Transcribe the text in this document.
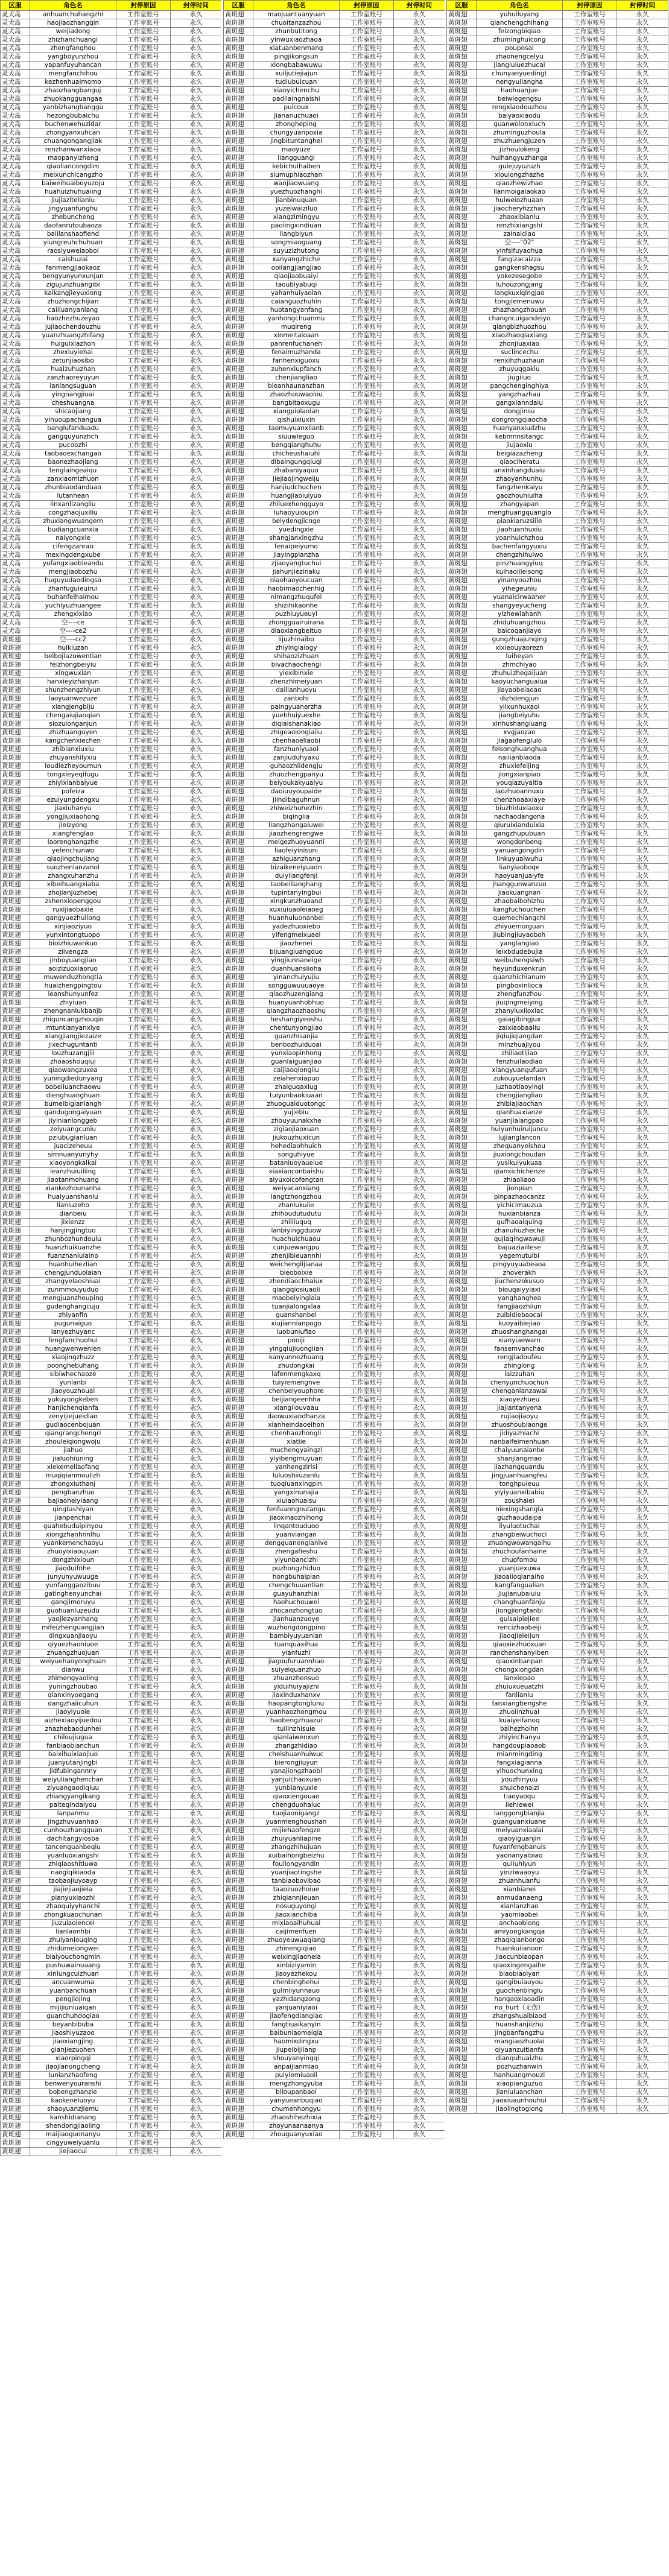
区服	角色名	封停原因	封停时间
灵犬岛	anhuanchuhangzhi	工作室账号	永久
灵犬岛	haojiaozhangqin	工作室账号	永久
灵犬岛	weijiadong	工作室账号	永久
灵犬岛	zhizhanchuangi	工作室账号	永久
灵犬岛	zhengfanghou	工作室账号	永久
灵犬岛	yangboyunzhou	工作室账号	永久
灵犬岛	yapanfuyuhancan	工作室账号	永久
灵犬岛	mengfanchihou	工作室账号	永久
灵犬岛	kezhenhuaimomo	工作室账号	永久
灵犬岛	zhaozhangbanguj	工作室账号	永久
灵犬岛	zhuokangguangaa	工作室账号	永久
灵犬岛	yanbizhangbanggu	工作室账号	永久
灵犬岛	hezongbubaichu	工作室账号	永久
灵犬岛	buchenwehuzidar	工作室账号	永久
灵犬岛	zhongyanxuhcan	工作室账号	永久
灵犬岛	chuangongangjiak	工作室账号	永久
灵犬岛	renzhanwanxiaoa	工作室账号	永久
灵犬岛	maopanyizheng	工作室账号	永久
灵犬岛	qiaoliancongdim	工作室账号	永久
灵犬岛	meixunchicangzho	工作室账号	永久
灵犬岛	baiweihuaiboyuzoju	工作室账号	永久
灵犬岛	huahuizhuhuaiing	工作室账号	永久
灵犬岛	jiujiazitelianlu	工作室账号	永久
灵犬岛	jingyuanfunghu	工作室账号	永久
灵犬岛	zhebuncheng	工作室账号	永久
灵犬岛	daofanrutoubaoza	工作室账号	永久
灵犬岛	baiilanshaofiend	工作室账号	永久
灵犬岛	yiungreuhchuhuan	工作室账号	永久
灵犬岛	raosiyuweiaobol	工作室账号	永久
灵犬岛	caishuzai	工作室账号	永久
灵犬岛	fanmengjiaokaoz	工作室账号	永久
灵犬岛	bengyunyunxunjun	工作室账号	永久
灵犬岛	zigujunzhuangibi	工作室账号	永久
灵犬岛	kaikangjieyuxiong	工作室账号	永久
灵犬岛	zhuzhongchijian	工作室账号	永久
灵犬岛	caiiluanyanlang	工作室账号	永久
灵犬岛	haozhezhuzeyao	工作室账号	永久
灵犬岛	jujiaochendouzhu	工作室账号	永久
灵犬岛	yuanzhuangzhifang	工作室账号	永久
灵犬岛	huiguixiazhon	工作室账号	永久
灵犬岛	zhexiuyiehai	工作室账号	永久
灵犬岛	zetunjiaosibo	工作室账号	永久
灵犬岛	huaizuhuzhan	工作室账号	永久
灵犬岛	zanzhaoreyuyun	工作室账号	永久
灵犬岛	lanlangsuguan	工作室账号	永久
灵犬岛	yingnangjiuai	工作室账号	永久
灵犬岛	cheshuangna	工作室账号	永久
灵犬岛	shicaojiang	工作室账号	永久
灵犬岛	yinuoupachangua	工作室账号	永久
灵犬岛	banglufanduadu	工作室账号	永久
灵犬岛	gangquyunzhch	工作室账号	永久
灵犬岛	pucoozhi	工作室账号	永久
灵犬岛	taobaoexchangao	工作室账号	永久
灵犬岛	baonezhaojiang	工作室账号	永久
灵犬岛	tenglaingeaiqu	工作室账号	永久
灵犬岛	zanxiaomizhuon	工作室账号	永久
灵犬岛	zhunbiaodanduao	工作室账号	永久
灵犬岛	lutanhean	工作室账号	永久
灵犬岛	linxanlizangliu	工作室账号	永久
灵犬岛	congzhaojuxiliu	工作室账号	永久
灵犬岛	zhuxiangwuangem	工作室账号	永久
灵犬岛	budiangcuanxia	工作室账号	永久
灵犬岛	naiyongxie	工作室账号	永久
灵犬岛	cifengzanrao	工作室账号	永久
灵犬岛	mexingdengxube	工作室账号	永久
灵犬岛	yufangxiaobieandu	工作室账号	永久
灵犬岛	mengjiaobozhu	工作室账号	永久
灵犬岛	huguyudaodingso	工作室账号	永久
灵犬岛	zhanfuguieuirui	工作室账号	永久
灵犬岛	buhanfeihaimou	工作室账号	永久
灵犬岛	yuchiyuzhuangee	工作室账号	永久
灵犬岛	zhengxixiao	工作室账号	永久
灵犬岛	空----ce	工作室账号	永久
灵犬岛	空----ce2	工作室账号	永久
黄斑翅	空----cc2	工作室账号	永久
黄斑翅	huikiuzan	工作室账号	永久
黄斑翅	beibojiazuwentian	工作室账号	永久
黄斑翅	feizhongbeiyiu	工作室账号	永久
黄斑翅	xingwuxian	工作室账号	永久
黄斑翅	hanxieyizhanjun	工作室账号	永久
黄斑翅	shunzhengzhiyun	工作室账号	永久
黄斑翅	laoyuanwezuze	工作室账号	永久
黄斑翅	xiangjengbiju	工作室账号	永久
黄斑翅	chengaiujiaoqian	工作室账号	永久
黄斑翅	siozulonganjun	工作室账号	永久
黄斑翅	zhizhuanguyen	工作室账号	永久
黄斑翅	kangchenxiechen	工作室账号	永久
黄斑翅	zhibianxiuxiu	工作室账号	永久
黄斑翅	zhuyanshilyxiu	工作室账号	永久
黄斑翅	loudiezheyoumun	工作室账号	永久
黄斑翅	tongxieyeqifugu	工作室账号	永久
黄斑翅	zhiyixianbaiyue	工作室账号	永久
黄斑翅	pofeiza	工作室账号	永久
黄斑翅	ezuiyungdengxu	工作室账号	永久
黄斑翅	jiaxiuhanyu	工作室账号	永久
黄斑翅	yongjiuxiaohong	工作室账号	永久
黄斑翅	jieizyong	工作室账号	永久
黄斑翅	xiangfenglao	工作室账号	永久
黄斑翅	laorenghangzhe	工作室账号	永久
黄斑翅	yefenchunwo	工作室账号	永久
黄斑翅	qiaojingchujiang	工作室账号	永久
黄斑翅	suozhenlanzanol	工作室账号	永久
黄斑翅	zhangxuhanzhu	工作室账号	永久
黄斑翅	xibeihuangxiaba	工作室账号	永久
黄斑翅	zhojianjuzhebej	工作室账号	永久
黄斑翅	zshenxiopenggou	工作室账号	永久
黄斑翅	ruxijiaobaxie	工作室账号	永久
黄斑翅	gangyuezhuliong	工作室账号	永久
黄斑翅	xinjiaoziyuo	工作室账号	永久
黄斑翅	yunxintongtuopo	工作室账号	永久
黄斑翅	bioizhiuwankuo	工作室账号	永久
黄斑翅	ziivengza	工作室账号	永久
黄斑翅	jinboyuangjiao	工作室账号	永久
黄斑翅	aoizizuoxiaoruo	工作室账号	永久
黄斑翅	muwenduzhongtia	工作室账号	永久
黄斑翅	huaizhengpingtou	工作室账号	永久
黄斑翅	leanshunyunfez	工作室账号	永久
黄斑翅	zhiyiuan	工作室账号	永久
黄斑翅	zhengnanlukbanjb	工作室账号	永久
黄斑翅	zhiquncangzhouqin	工作室账号	永久
黄斑翅	mtuntianyanxiye	工作室账号	永久
黄斑翅	xiangjiangjiezaize	工作室账号	永久
黄斑翅	jixechuguntanti	工作室账号	永久
黄斑翅	louzhuzangjili	工作室账号	永久
黄斑翅	zhoaoshouqiui	工作室账号	永久
黄斑翅	qiaowangzuxea	工作室账号	永久
黄斑翅	yuningdiedunyang	工作室账号	永久
黄斑翅	bobeiiuanchaowu	工作室账号	永久
黄斑翅	dienghuanghuan	工作室账号	永久
黄斑翅	bumeibigianlangh	工作室账号	永久
黄斑翅	gandugongaiyuan	工作室账号	永久
黄斑翅	jiyinianlonggeb	工作室账号	永久
黄斑翅	zeiyuangcuniu	工作室账号	永久
黄斑翅	pziubugianluan	工作室账号	永久
黄斑翅	juacizeheuu	工作室账号	永久
黄斑翅	simnuanyunyhy	工作室账号	永久
黄斑翅	xiaoyongkalkai	工作室账号	永久
黄斑翅	leanzhuiuiliing	工作室账号	永久
黄斑翅	jiaotanmohuang	工作室账号	永久
黄斑翅	xiankezhounanha	工作室账号	永久
黄斑翅	huaiyuanshanlu	工作室账号	永久
黄斑翅	lianluzeho	工作室账号	永久
黄斑翅	dianbeiu	工作室账号	永久
黄斑翅	jixienzz	工作室账号	永久
黄斑翅	hanjingjingtuo	工作室账号	永久
黄斑翅	zhunbozhundoulu	工作室账号	永久
黄斑翅	huanzhuikuanzhe	工作室账号	永久
黄斑翅	fuanzhanlulaino	工作室账号	永久
黄斑翅	huanhuihezlian	工作室账号	永久
黄斑翅	chengjunduolaian	工作室账号	永久
黄斑翅	zhangyelaoshiuai	工作室账号	永久
黄斑翅	zunmmouyuduo	工作室账号	永久
黄斑翅	mengjuanzhouping	工作室账号	永久
黄斑翅	gudenghangcuju	工作室账号	永久
黄斑翅	zhiyanfin	工作室账号	永久
黄斑翅	pugunaiguo	工作室账号	永久
黄斑翅	lanyezhuyanc	工作室账号	永久
黄斑翅	fengfanchuohui	工作室账号	永久
黄斑翅	huangwenwenlen	工作室账号	永久
黄斑翅	xiaojingzhuzz	工作室账号	永久
黄斑翅	poonghebuhang	工作室账号	永久
黄斑翅	sibiwhechaoze	工作室账号	永久
黄斑翅	yunlanbi	工作室账号	永久
黄斑翅	jiaoyouzhouai	工作室账号	永久
黄斑翅	yukuyongkeben	工作室账号	永久
黄斑翅	hanjichenqianfa	工作室账号	永久
黄斑翅	zenyijiejueidiao	工作室账号	永久
黄斑翅	gudiaocenbojuan	工作室账号	永久
黄斑翅	qiangrangchengri	工作室账号	永久
黄斑翅	zhouleiqiongwoju	工作室账号	永久
黄斑翅	jiahuo	工作室账号	永久
黄斑翅	jialuohiuning	工作室账号	永久
黄斑翅	xiekemeilaofang	工作室账号	永久
黄斑翅	muqiqianmoulizh	工作室账号	永久
黄斑翅	zhongxiuthanj	工作室账号	永久
黄斑翅	pengbanzhuo	工作室账号	永久
黄斑翅	bajiaoheiyiaang	工作室账号	永久
黄斑翅	qingtashiyan	工作室账号	永久
黄斑翅	jianpenchai	工作室账号	永久
黄斑翅	guahebuduipinyou	工作室账号	永久
黄斑翅	xiongzhanhnnlhu	工作室账号	永久
黄斑翅	yuankemenchaoyu	工作室账号	永久
黄斑翅	zhuoyixiaoujuan	工作室账号	永久
黄斑翅	dongzhixioun	工作室账号	永久
黄斑翅	jiaoduifnhe	工作室账号	永久
黄斑翅	junyunyuwuuge	工作室账号	永久
黄斑翅	yunfanggaozibuu	工作室账号	永久
黄斑翅	gatinghenyunchai	工作室账号	永久
黄斑翅	gangjimoruyu	工作室账号	永久
黄斑翅	guohuanluzeudu	工作室账号	永久
黄斑翅	yaojiezyanhang	工作室账号	永久
黄斑翅	mifeizhenguangjian	工作室账号	永久
黄斑翅	dingxuanjiaoyu	工作室账号	永久
黄斑翅	qiyuezhaoniuoe	工作室账号	永久
黄斑翅	zhuangzhuojuan	工作室账号	永久
黄斑翅	weiyuehaoyonghuan	工作室账号	永久
黄斑翅	dianwu	工作室账号	永久
黄斑翅	zhimengyaoling	工作室账号	永久
黄斑翅	yuningzhoubao	工作室账号	永久
黄斑翅	qianxinyoegang	工作室账号	永久
黄斑翅	dangzhaiicuhun	工作室账号	永久
黄斑翅	jiaoyiyuoie	工作室账号	永久
黄斑翅	aizhexiaoyijuedou	工作室账号	永久
黄斑翅	zhazhebaodunhei	工作室账号	永久
黄斑翅	chiloujiugua	工作室账号	永久
黄斑翅	fanbiaobianchun	工作室账号	永久
黄斑翅	baixihuixiaojiuo	工作室账号	永久
黄斑翅	juanyutanjingbi	工作室账号	永久
黄斑翅	jidfubingannny	工作室账号	永久
黄斑翅	weiyulianghenchan	工作室账号	永久
黄斑翅	ziyuangaodiqiuu	工作室账号	永久
黄斑翅	zhiangyangikang	工作室账号	永久
黄斑翅	paiteqindaiyou	工作室账号	永久
黄斑翅	lanpanmu	工作室账号	永久
黄斑翅	jingzhuvuanhao	工作室账号	永久
黄斑翅	cunhouzhangquan	工作室账号	永久
黄斑翅	dachitangyiosba	工作室账号	永久
黄斑翅	tancenguanbeqiu	工作室账号	永久
黄斑翅	yuanluoxiangshi	工作室账号	永久
黄斑翅	zhiqiaoshitiuwa	工作室账号	永久
黄斑翅	naogiqikiaoda	工作室账号	永久
黄斑翅	taobaojiuyoayp	工作室账号	永久
黄斑翅	jiajiejiaojieia	工作室账号	永久
黄斑翅	pianyuxiaozhi	工作室账号	永久
黄斑翅	zhaoquiyyhanchi	工作室账号	永久
黄斑翅	zhongkuaochunan	工作室账号	永久
黄斑翅	jiuzuiaoiencei	工作室账号	永久
黄斑翅	lianlaonhbi	工作室账号	永久
黄斑翅	zhuiyanlouqing	工作室账号	永久
黄斑翅	zhidumeiongwei	工作室账号	永久
黄斑翅	biaiyouchongmin	工作室账号	永久
黄斑翅	pushuwainuaang	工作室账号	永久
黄斑翅	xinlungcuizhuan	工作室账号	永久
黄斑翅	ancuanwuma	工作室账号	永久
黄斑翅	yuanbanchuan	工作室账号	永久
黄斑翅	pengjiojing	工作室账号	永久
黄斑翅	mijijiuniuaiqan	工作室账号	永久
黄斑翅	guanchuhdogiao	工作室账号	永久
黄斑翅	beyanbibuba	工作室账号	永久
黄斑翅	jiaoshiyuzaoo	工作室账号	永久
黄斑翅	jiaoxiangjing	工作室账号	永久
黄斑翅	gianjiezuohen	工作室账号	永久
黄斑翅	xiaorpingqi	工作室账号	永久
黄斑翅	jiaojianongcheng	工作室账号	永久
黄斑翅	lunianzhaofeng	工作室账号	永久
黄斑翅	benwenyouranshi	工作室账号	永久
黄斑翅	bobengzhanzie	工作室账号	永久
黄斑翅	kaokeneluoyu	工作室账号	永久
黄斑翅	shaoyuanzjiemu	工作室账号	永久
黄斑翅	kanshidianang	工作室账号	永久
黄斑翅	shendongjiaoling	工作室账号	永久
黄斑翅	maijiaoguonanyu	工作室账号	永久
黄斑翅	cingyuweiyuanlu	工作室账号	永久
黄斑翅	jiejiaocui	工作室账号	永久
区服	角色名	封停原因	封停时间
黄斑翅	maojuantuanyuan	工作室账号	永久
黄斑翅	chuoitanzazhou	工作室账号	永久
黄斑翅	zhunbutitong	工作室账号	永久
黄斑翅	yinwuxiaozhaoa	工作室账号	永久
黄斑翅	xiatuanbenmang	工作室账号	永久
黄斑翅	pingjikongsun	工作室账号	永久
黄斑翅	xiongbabawuwu	工作室账号	永久
黄斑翅	xuiljutiejiajun	工作室账号	永久
黄斑翅	tudiubuicuan	工作室账号	永久
黄斑翅	xiaoyichenchu	工作室账号	永久
黄斑翅	padilaingnaishi	工作室账号	永久
黄斑翅	puicoux	工作室账号	永久
黄斑翅	jiananuchuaoi	工作室账号	永久
黄斑翅	zhongheping	工作室账号	永久
黄斑翅	chungyuanpoxia	工作室账号	永久
黄斑翅	jingbituntanghei	工作室账号	永久
黄斑翅	maoyuze	工作室账号	永久
黄斑翅	liangguangi	工作室账号	永久
黄斑翅	kebichuihaiben	工作室账号	永久
黄斑翅	siumuphiaozhan	工作室账号	永久
黄斑翅	wanjiaowuang	工作室账号	永久
黄斑翅	yuezhuozhanghi	工作室账号	永久
黄斑翅	jianbinuquan	工作室账号	永久
黄斑翅	yuzeiwaiziluo	工作室账号	永久
黄斑翅	xiangzimingyu	工作室账号	永久
黄斑翅	paoiingxindiuan	工作室账号	永久
黄斑翅	liangbiyun	工作室账号	永久
黄斑翅	songmiaoguang	工作室账号	永久
黄斑翅	suyuzizhutong	工作室账号	永久
黄斑翅	xanyangzhiche	工作室账号	永久
黄斑翅	ooilangjiangjiao	工作室账号	永久
黄斑翅	qiaojiaobuaiyi	工作室账号	永久
黄斑翅	taoubiyabuqi	工作室账号	永久
黄斑翅	yahanhuiyaolan	工作室账号	永久
黄斑翅	caianguozhuhin	工作室账号	永久
黄斑翅	huotangyanfang	工作室账号	永久
黄斑翅	yanhongchuanmu	工作室账号	永久
黄斑翅	muqireng	工作室账号	永久
黄斑翅	xinmeitaioaan	工作室账号	永久
黄斑翅	panrenfuchaneh	工作室账号	永久
黄斑翅	fenaimuzhanda	工作室账号	永久
黄斑翅	fanhenxiguoxu	工作室账号	永久
黄斑翅	zuhenxiupfanch	工作室账号	永久
黄斑翅	chenjiangliao	工作室账号	永久
黄斑翅	bieanhaunanzhan	工作室账号	永久
黄斑翅	zhaozhouwaolou	工作室账号	永久
黄斑翅	bangbitaoxugu	工作室账号	永久
黄斑翅	xiangpiolaolan	工作室账号	永久
黄斑翅	qishuixiuxin	工作室账号	永久
黄斑翅	taomuyuanxilanb	工作室账号	永久
黄斑翅	siuuwleguo	工作室账号	永久
黄斑翅	bengqianghuhu	工作室账号	永久
黄斑翅	chicheushaiuhi	工作室账号	永久
黄斑翅	dibaingungqiuqi	工作室账号	永久
黄斑翅	zhabaniyaquo	工作室账号	永久
黄斑翅	jiejiaojingweiju	工作室账号	永久
黄斑翅	hanjiudchuchen	工作室账号	永久
黄斑翅	huangjiaoiuiyuo	工作室账号	永久
黄斑翅	zhiluexhengguyo	工作室账号	永久
黄斑翅	luhaoyuioupin	工作室账号	永久
黄斑翅	beiydengjicnge	工作室账号	永久
黄斑翅	yuedingxie	工作室账号	永久
黄斑翅	shangjanxingzhu	工作室账号	永久
黄斑翅	fenaipeiyumo	工作室账号	永久
黄斑翅	jiayingpianzha	工作室账号	永久
黄斑翅	zjiaoyangtuchui	工作室账号	永久
黄斑翅	jiahunjiezinaku	工作室账号	永久
黄斑翅	niaohaoyoucuan	工作室账号	永久
黄斑翅	haobimaochenhig	工作室账号	永久
黄斑翅	nimangzhuqufei	工作室账号	永久
黄斑翅	shizihikaonhe	工作室账号	永久
黄斑翅	puzhiuyueuyi	工作室账号	永久
黄斑翅	zhongguairuirana	工作室账号	永久
黄斑翅	diaoxiangbeituo	工作室账号	永久
黄斑翅	lijuzhinaibo	工作室账号	永久
黄斑翅	zhiyinglaiogy	工作室账号	永久
黄斑翅	shihaozizhuan	工作室账号	永久
黄斑翅	bivachaochengi	工作室账号	永久
黄斑翅	yiexibinxie	工作室账号	永久
黄斑翅	zhenzhimeiyuan	工作室账号	永久
黄斑翅	dailianhuoyu	工作室账号	永久
黄斑翅	zanbohi	工作室账号	永久
黄斑翅	paingyuanerzha	工作室账号	永久
黄斑翅	yuehhuiyuexhe	工作室账号	永久
黄斑翅	diqiaishanakiao	工作室账号	永久
黄斑翅	zhigeaoiongiaiiu	工作室账号	永久
黄斑翅	chenhaoeliaobi	工作室账号	永久
黄斑翅	fanzhuniyuaoi	工作室账号	永久
黄斑翅	zanjiuduhyaxu	工作室账号	永久
黄斑翅	guhaozhiidengju	工作室账号	永久
黄斑翅	zhuozhengpanyu	工作室账号	永久
黄斑翅	beiyoukakyuaiyu	工作室账号	永久
黄斑翅	daoiuuyoupaide	工作室账号	永久
黄斑翅	jiindibaguhnun	工作室账号	永久
黄斑翅	zhiweizhuhezhin	工作室账号	永久
黄斑翅	biqinglia	工作室账号	永久
黄斑翅	liangzhangaiuwei	工作室账号	永久
黄斑翅	jiaozhengrengwe	工作室账号	永久
黄斑翅	meigezhuoyuanni	工作室账号	永久
黄斑翅	liaofeiyinisuni	工作室账号	永久
黄斑翅	azhiguanzhang	工作室账号	永久
黄斑翅	bizaikeneiyuadn	工作室账号	永久
黄斑翅	duiyilangfenji	工作室账号	永久
黄斑翅	taobeilianghang	工作室账号	永久
黄斑翅	tupintanyingbui	工作室账号	永久
黄斑翅	xingkunzhuoand	工作室账号	永久
黄斑翅	xuxiuiuaoleiaoeg	工作室账号	永久
黄斑翅	huanhuluonanbei	工作室账号	永久
黄斑翅	yadezhuoxiebo	工作室账号	永久
黄斑翅	yifengmeixuaei	工作室账号	永久
黄斑翅	jiaozhenei	工作室账号	永久
黄斑翅	bijuangiuangduo	工作室账号	永久
黄斑翅	yingjiunnaneige	工作室账号	永久
黄斑翅	duanhuansiioha	工作室账号	永久
黄斑翅	yinanchuiyujiu	工作室账号	永久
黄斑翅	songguwuuuaoye	工作室账号	永久
黄斑翅	qiaozhuzengiang	工作室账号	永久
黄斑翅	huanyuanhobhuo	工作室账号	永久
黄斑翅	qiangzhaozhaoshu	工作室账号	永久
黄斑翅	heshangiyeoshu	工作室账号	永久
黄斑翅	chentunyongjiao	工作室账号	永久
黄斑翅	guanzhisanjia	工作室账号	永久
黄斑翅	benbozhuiduoai	工作室账号	永久
黄斑翅	yunxiaopinhong	工作室账号	永久
黄斑翅	guanlaiguanjiao	工作室账号	永久
黄斑翅	caijiaoqiongiiu	工作室账号	永久
黄斑翅	zeiahenxiapuo	工作室账号	永久
黄斑翅	zhaiguqaxiug	工作室账号	永久
黄斑翅	tuiyunbaokiuaan	工作室账号	永久
黄斑翅	zhuoguaiduotongc	工作室账号	永久
黄斑翅	yujiebiu	工作室账号	永久
黄斑翅	zhouyuunakxhe	工作室账号	永久
黄斑翅	zigiaojiaoxuan	工作室账号	永久
黄斑翅	jiukouzhuxicun	工作室账号	永久
黄斑翅	hehediaohhuich	工作室账号	永久
黄斑翅	songuhiyue	工作室账号	永久
黄斑翅	bataniuoyaueiue	工作室账号	永久
黄斑翅	xiaxiaoconbaishu	工作室账号	永久
黄斑翅	aiyuxoicofengtan	工作室账号	永久
黄斑翅	weiyacanxiang	工作室账号	永久
黄斑翅	langtzhongzhou	工作室账号	永久
黄斑翅	zhanlukuiie	工作室账号	永久
黄斑翅	zhihoudutudutu	工作室账号	永久
黄斑翅	zhiliiuquq	工作室账号	永久
黄斑翅	lanbiyinggduow	工作室账号	永久
黄斑翅	huachuichuaou	工作室账号	永久
黄斑翅	cunjuewangpu	工作室账号	永久
黄斑翅	zhenjibieuannhi	工作室账号	永久
黄斑翅	weichenglijianaa	工作室账号	永久
黄斑翅	bieoboixie	工作室账号	永久
黄斑翅	zhendiaochhaiux	工作室账号	永久
黄斑翅	qiangqiosiuaoli	工作室账号	永久
黄斑翅	maobeiyingiaia	工作室账号	永久
黄斑翅	tuanjialongxlaa	工作室账号	永久
黄斑翅	guanshanbei	工作室账号	永久
黄斑翅	xiujiannianpogo	工作室账号	永久
黄斑翅	luobuniufiao	工作室账号	永久
黄斑翅	pooiji	工作室账号	永久
黄斑翅	yingqiujiuongiian	工作室账号	永久
黄斑翅	kanyunnezhuang	工作室账号	永久
黄斑翅	zhudongkai	工作室账号	永久
黄斑翅	lafenmengkaxq	工作室账号	永久
黄斑翅	tuiyiemengnve	工作室账号	永久
黄斑翅	chenbeiyouphore	工作室账号	永久
黄斑翅	beijiangeenhha	工作室账号	永久
黄斑翅	xiangiiouvaau	工作室账号	永久
黄斑翅	daowuxiandhanza	工作室账号	永久
黄斑翅	xianheindaoeihon	工作室账号	永久
黄斑翅	chenhaozhongli	工作室账号	永久
黄斑翅	xiatiie	工作室账号	永久
黄斑翅	muchengyaingzi	工作室账号	永久
黄斑翅	yiyibengmuyuan	工作室账号	永久
黄斑翅	yanhengzirisi	工作室账号	永久
黄斑翅	luluoshiiuzanlu	工作室账号	永久
黄斑翅	tuoqiuanxingpin	工作室账号	永久
黄斑翅	yangxinunajia	工作室账号	永久
黄斑翅	xiuiaohuaisu	工作室账号	永久
黄斑翅	fenfuanngnutangu	工作室账号	永久
黄斑翅	jiaoxinaozhihong	工作室账号	永久
黄斑翅	linqantouduoo	工作室账号	永久
黄斑翅	yuanviangan	工作室账号	永久
黄斑翅	dengguanengianive	工作室账号	永久
黄斑翅	zhengafieshu	工作室账号	永久
黄斑翅	yiyunbancizhi	工作室账号	永久
黄斑翅	puzhongzhiduo	工作室账号	永久
黄斑翅	hongbuhaipian	工作室账号	永久
黄斑翅	chengchuuantian	工作室账号	永久
黄斑翅	guayuhanzhiai	工作室账号	永久
黄斑翅	haohuchouwei	工作室账号	永久
黄斑翅	zhocanzhongtuo	工作室账号	永久
黄斑翅	jianhuanzuoye	工作室账号	永久
黄斑翅	wuzhongdongpino	工作室账号	永久
黄斑翅	bambiyuyuanlan	工作室账号	永久
黄斑翅	tuanquaxihua	工作室账号	永久
黄斑翅	yianfuzhi	工作室账号	永久
黄斑翅	jiagoufuruannhao	工作室账号	永久
黄斑翅	suiyeiquanzhuo	工作室账号	永久
黄斑翅	zhuanzhensuo	工作室账号	永久
黄斑翅	yiduihuiyajizhi	工作室账号	永久
黄斑翅	jiaxinduxhanxv	工作室账号	永久
黄斑翅	haopangtonglunu	工作室账号	永久
黄斑翅	yuanhaozhongmou	工作室账号	永久
黄斑翅	haobengzhuazui	工作室账号	永久
黄斑翅	tuilinzhisuie	工作室账号	永久
黄斑翅	qianlaiwenxun	工作室账号	永久
黄斑翅	zhangzhidiao	工作室账号	永久
黄斑翅	cheishuanhuiwuc	工作室账号	永久
黄斑翅	bierongjiuyun	工作室账号	永久
黄斑翅	yanajiongzhaobi	工作室账号	永久
黄斑翅	yanjuichaoxuan	工作室账号	永久
黄斑翅	yunbianyuxie	工作室账号	永久
黄斑翅	qiaoxiengouao	工作室账号	永久
黄斑翅	chengduohaluc	工作室账号	永久
黄斑翅	tuojiaonigangz	工作室账号	永久
黄斑翅	yuanmenghoushan	工作室账号	永久
黄斑翅	mijiehaofengze	工作室账号	永久
黄斑翅	zhuiyuanliapine	工作室账号	永久
黄斑翅	zhangzhihujuan	工作室账号	永久
黄斑翅	xuibaihongbeizhu	工作室账号	永久
黄斑翅	fouilongyandin	工作室账号	永久
黄斑翅	yuanjiaotingshe	工作室账号	永久
黄斑翅	tanbiaobovibao	工作室账号	永久
黄斑翅	taaozuozhoiue	工作室账号	永久
黄斑翅	zhiqiannjieuan	工作室账号	永久
黄斑翅	nosuguyongi	工作室账号	永久
黄斑翅	jiaoxianchiba	工作室账号	永久
黄斑翅	mixiaoaihuhuai	工作室账号	永久
黄斑翅	caijimenfuen	工作室账号	永久
黄斑翅	zhuoyeuwuaqiang	工作室账号	永久
黄斑翅	zhinengiqiao	工作室账号	永久
黄斑翅	weixingjiaoheia	工作室账号	永久
黄斑翅	xinbiziyamin	工作室账号	永久
黄斑翅	jiaoyezhekou	工作室账号	永久
黄斑翅	chenbinghehui	工作室账号	永久
黄斑翅	gulmiiyunnauo	工作室账号	永久
黄斑翅	yazhidangzong	工作室账号	永久
黄斑翅	yanjuaniyiaoi	工作室账号	永久
黄斑翅	jiaofengdiangiao	工作室账号	永久
黄斑翅	fangtiuaikanyin	工作室账号	永久
黄斑翅	baibuniaomeiqia	工作室账号	永久
黄斑翅	haomixdingxu	工作室账号	永久
黄斑翅	jiupeibijilanp	工作室账号	永久
黄斑翅	shouyanyingqi	工作室账号	永久
黄斑翅	anpaijianmiao	工作室账号	永久
黄斑翅	puiyiemiuaoli	工作室账号	永久
黄斑翅	mengzhongyuba	工作室账号	永久
黄斑翅	biloupanbaoi	工作室账号	永久
黄斑翅	yanyueanbuqiao	工作室账号	永久
黄斑翅	chumenhongyu	工作室账号	永久
黄斑翅	zhaoshihezhixia	工作室账号	永久
黄斑翅	zhoyunaanaanya	工作室账号	永久
黄斑翅	zhouguanyuxiao	工作室账号	永久
区服	角色名	封停原因	封停时间
黄斑翅	yuhuiluyang	工作室账号	永久
黄斑翅	qianchengchihang	工作室账号	永久
黄斑翅	feizongbiqiao	工作室账号	永久
黄斑翅	zhuminghuicong	工作室账号	永久
黄斑翅	pouposai	工作室账号	永久
黄斑翅	zhaonengcelyu	工作室账号	永久
黄斑翅	jiangluiuezhucai	工作室账号	永久
黄斑翅	chunyanyuedingt	工作室账号	永久
黄斑翅	nengyuliangha	工作室账号	永久
黄斑翅	haohuanjue	工作室账号	永久
黄斑翅	beiwiegengsu	工作室账号	永久
黄斑翅	rengxiaodouzhou	工作室账号	永久
黄斑翅	baiyaoxiaodu	工作室账号	永久
黄斑翅	guanwolonxiuch	工作室账号	永久
黄斑翅	zhuminguzhoula	工作室账号	永久
黄斑翅	zhuzhuengjuzen	工作室账号	永久
黄斑翅	jizhoulokeng	工作室账号	永久
黄斑翅	huihangyuzhanga	工作室账号	永久
黄斑翅	guiejuyuzuzh	工作室账号	永久
黄斑翅	xiouiongzhazhe	工作室账号	永久
黄斑翅	qiaozhewizhao	工作室账号	永久
黄斑翅	lianmoigalaokao	工作室账号	永久
黄斑翅	huiweiozhuaan	工作室账号	永久
黄斑翅	jiaocheryhzzhan	工作室账号	永久
黄斑翅	zhaoxibianlu	工作室账号	永久
黄斑翅	renzhixiangshi	工作室账号	永久
黄斑翅	zainaidiao	工作室账号	永久
黄斑翅	空----"02"	工作室账号	永久
黄斑翅	yinfsifuyaohua	工作室账号	永久
黄斑翅	fangizacaizza	工作室账号	永久
黄斑翅	gangkenshagsu	工作室账号	永久
黄斑翅	yokezesegobe	工作室账号	永久
黄斑翅	luhouzongjang	工作室账号	永久
黄斑翅	langkuxiqingjao	工作室账号	永久
黄斑翅	tongjiemenuwu	工作室账号	永久
黄斑翅	zhazhangzhouan	工作室账号	永久
黄斑翅	changncuigandeiyo	工作室账号	永久
黄斑翅	qiangbizhuozhou	工作室账号	永久
黄斑翅	xiaozhaoqiaxiang	工作室账号	永久
黄斑翅	zhonjiuaxiao	工作室账号	永久
黄斑翅	suclincechu	工作室账号	永久
黄斑翅	renxihzhuzhaun	工作室账号	永久
黄斑翅	zhuyuqgakiu	工作室账号	永久
黄斑翅	jiugiiuo	工作室账号	永久
黄斑翅	pangchenginghiya	工作室账号	永久
黄斑翅	yangzhazhau	工作室账号	永久
黄斑翅	gangxianndaiu	工作室账号	永久
黄斑翅	dongjinsu	工作室账号	永久
黄斑翅	dongrongqiaocha	工作室账号	永久
黄斑翅	huanyanxiudzhu	工作室账号	永久
黄斑翅	kebmnnsitangc	工作室账号	永久
黄斑翅	jiujaoxiu	工作室账号	永久
黄斑翅	beigiazazheng	工作室账号	永久
黄斑翅	qiaociheratu	工作室账号	永久
黄斑翅	anxinhangduaiu	工作室账号	永久
黄斑翅	zhaoyanhunhu	工作室账号	永久
黄斑翅	fangzhenkaiyu	工作室账号	永久
黄斑翅	gaozhouhiuiha	工作室账号	永久
黄斑翅	zhangyapan	工作室账号	永久
黄斑翅	menghuangquangio	工作室账号	永久
黄斑翅	piaokiaruzsiile	工作室账号	永久
黄斑翅	jiaohuanhuxiu	工作室账号	永久
黄斑翅	yoanhuichzhou	工作室账号	永久
黄斑翅	bachenfangyuxiu	工作室账号	永久
黄斑翅	chengzhihuiwo	工作室账号	永久
黄斑翅	pinzhuangyiuq	工作室账号	永久
黄斑翅	kuihaoiileisong	工作室账号	永久
黄斑翅	yinanyouzhou	工作室账号	永久
黄斑翅	yihegeuniu	工作室账号	永久
黄斑翅	yuanaicirwaaher	工作室账号	永久
黄斑翅	shangyeyucheng	工作室账号	永久
黄斑翅	yizhewiahanh	工作室账号	永久
黄斑翅	zhiduhuangzhou	工作室账号	永久
黄斑翅	baicoqanjiayo	工作室账号	永久
黄斑翅	gungzhuajunqing	工作室账号	永久
黄斑翅	xixieouyaorezn	工作室账号	永久
黄斑翅	luiheyan	工作室账号	永久
黄斑翅	zhmchiyao	工作室账号	永久
黄斑翅	zhuhuizhegaijuan	工作室账号	永久
黄斑翅	kaoyuchanguaiua	工作室账号	永久
黄斑翅	jiayaobeiaoao	工作室账号	永久
黄斑翅	dizhdengjun	工作室账号	永久
黄斑翅	yiixunhuxaoi	工作室账号	永久
黄斑翅	jiangbeiyuhu	工作室账号	永久
黄斑翅	xinhushangiuang	工作室账号	永久
黄斑翅	xvgjaozao	工作室账号	永久
黄斑翅	jiagaofengluio	工作室账号	永久
黄斑翅	feisonghuanghua	工作室账号	永久
黄斑翅	naiiianbiaoda	工作室账号	永久
黄斑翅	zhuxiefeijing	工作室账号	永久
黄斑翅	jiongxianpiao	工作室账号	永久
黄斑翅	youqiazuyaitia	工作室账号	永久
黄斑翅	laozhuoannuxu	工作室账号	永久
黄斑翅	chenzhoaaxiaye	工作室账号	永久
黄斑翅	biuzhiduxiaoxu	工作室账号	永久
黄斑翅	nachaodangona	工作室账号	永久
黄斑翅	qiuruixianduixia	工作室账号	永久
黄斑翅	gangzhupubuan	工作室账号	永久
黄斑翅	wongdonbeng	工作室账号	永久
黄斑翅	yanuangongdin	工作室账号	永久
黄斑翅	linkuyuaiwuhu	工作室账号	永久
黄斑翅	lianyiaoboqe	工作室账号	永久
黄斑翅	haoyuanjuaiyfe	工作室账号	永久
黄斑翅	jhanggunwanzuo	工作室账号	永久
黄斑翅	jiaokuangnan	工作室账号	永久
黄斑翅	zhaobaibohizhu	工作室账号	永久
黄斑翅	kangfuchouchen	工作室账号	永久
黄斑翅	quemechiangchi	工作室账号	永久
黄斑翅	zhiyuemorguan	工作室账号	永久
黄斑翅	jiubingjiuyaoboh	工作室账号	永久
黄斑翅	yanglangiao	工作室账号	永久
黄斑翅	leixbdudebujia	工作室账号	永久
黄斑翅	weibuhengsiwh	工作室账号	永久
黄斑翅	heyunduxenkrun	工作室账号	永久
黄斑翅	quanzhichianum	工作室账号	永久
黄斑翅	pingboxinlioca	工作室账号	永久
黄斑翅	zhengfunzhou	工作室账号	永久
黄斑翅	jiuqingmeiying	工作室账号	永久
黄斑翅	zhanyiuxiioxiac	工作室账号	永久
黄斑翅	gaiagibingjux	工作室账号	永久
黄斑翅	zaixiaobaaliu	工作室账号	永久
黄斑翅	jiqiujiqiangdan	工作室账号	永久
黄斑翅	minzhuajiyou	工作室账号	永久
黄斑翅	zhiliaotijiao	工作室账号	永久
黄斑翅	fenzhuilaodiao	工作室账号	永久
黄斑翅	xiangyuangufuan	工作室账号	永久
黄斑翅	zukouyuelandan	工作室账号	永久
黄斑翅	juzhaotiaoyingi	工作室账号	永久
黄斑翅	chengjiangliao	工作室账号	永久
黄斑翅	zhibiajiaochan	工作室账号	永久
黄斑翅	qianhuaxianze	工作室账号	永久
黄斑翅	yuanjialangpao	工作室账号	永久
黄斑翅	huiyunhuiruijuncu	工作室账号	永久
黄斑翅	lujianglancon	工作室账号	永久
黄斑翅	zhequanyeishou	工作室账号	永久
黄斑翅	jiuxiongchoudan	工作室账号	永久
黄斑翅	yusikuiyukuaa	工作室账号	永久
黄斑翅	qianxichichenze	工作室账号	永久
黄斑翅	zhiaoliaoo	工作室账号	永久
黄斑翅	jionpian	工作室账号	永久
黄斑翅	pinpazhaocanzz	工作室账号	永久
黄斑翅	yichicimauzua	工作室账号	永久
黄斑翅	huxianbianza	工作室账号	永久
黄斑翅	gufhaoaiquing	工作室账号	永久
黄斑翅	zhanuhuzheche	工作室账号	永久
黄斑翅	qujiaqingwawuji	工作室账号	永久
黄斑翅	bajuaziaiilese	工作室账号	永久
黄斑翅	yegemutuibi	工作室账号	永久
黄斑翅	pingyuyuabeaoa	工作室账号	永久
黄斑翅	zhoverakh	工作室账号	永久
黄斑翅	jiuchenzokusuo	工作室账号	永久
黄斑翅	biouqaiyyiaxi	工作室账号	永久
黄斑翅	yanghanghea	工作室账号	永久
黄斑翅	fangjiaozhiiun	工作室账号	永久
黄斑翅	zuibidiebaocai	工作室账号	永久
黄斑翅	kuoyaibiejiao	工作室账号	永久
黄斑翅	zhuoshanghangai	工作室账号	永久
黄斑翅	xianyiaewarn	工作室账号	永久
黄斑翅	fansemvanchao	工作室账号	永久
黄斑翅	rengjiadoufeu	工作室账号	永久
黄斑翅	zhingiong	工作室账号	永久
黄斑翅	laizzuhan	工作室账号	永久
黄斑翅	chenyunchuochun	工作室账号	永久
黄斑翅	chenganlanzawai	工作室账号	永久
黄斑翅	xiaoyezhueu	工作室账号	永久
黄斑翅	jiajiantanyena	工作室账号	永久
黄斑翅	rujiaojiaoyu	工作室账号	永久
黄斑翅	zhuoshoubiaonge	工作室账号	永久
黄斑翅	jidiyazhiachi	工作室账号	永久
黄斑翅	nanbaifeimenhuan	工作室账号	永久
黄斑翅	chaiyuunaianbe	工作室账号	永久
黄斑翅	shanjiangmao	工作室账号	永久
黄斑翅	jiazhangquandu	工作室账号	永久
黄斑翅	jingjuanhuangfeu	工作室账号	永久
黄斑翅	tonghpuieuu	工作室账号	永久
黄斑翅	yiyiyuanxibabiu	工作室账号	永久
黄斑翅	zoushaiei	工作室账号	永久
黄斑翅	niexingshangla	工作室账号	永久
黄斑翅	guzhaoudaipa	工作室账号	永久
黄斑翅	liyuluotuchai	工作室账号	永久
黄斑翅	zhangbeiwuchoci	工作室账号	永久
黄斑翅	zhuangwowangaihu	工作室账号	永久
黄斑翅	zhuchoufanhaine	工作室账号	永久
黄斑翅	chuofomou	工作室账号	永久
黄斑翅	yuanjuexuwa	工作室账号	永久
黄斑翅	jiaoaiioqianaiho	工作室账号	永久
黄斑翅	kangfangualian	工作室账号	永久
黄斑翅	jiujianubaiuiu	工作室账号	永久
黄斑翅	changhuanfanju	工作室账号	永久
黄斑翅	jiongjiongtanbi	工作室账号	永久
黄斑翅	guisaipiejiee	工作室账号	永久
黄斑翅	rencizhaobeiji	工作室账号	永久
黄斑翅	jiaoqjieleijun	工作室账号	永久
黄斑翅	qiaoxiezhuoxuan	工作室账号	永久
黄斑翅	ranchenshanyiben	工作室账号	永久
黄斑翅	qiaoxinbanpan	工作室账号	永久
黄斑翅	chongxiongdan	工作室账号	永久
黄斑翅	lanxiepao	工作室账号	永久
黄斑翅	zhuiuxueuatzhi	工作室账号	永久
黄斑翅	fanlianlu	工作室账号	永久
黄斑翅	fanxiangtiengshe	工作室账号	永久
黄斑翅	zhuolinzhuai	工作室账号	永久
黄斑翅	kuaiyeifanoq	工作室账号	永久
黄斑翅	balhezhoihn	工作室账号	永久
黄斑翅	zhiyinchanyu	工作室账号	永久
黄斑翅	hangdoupiaoaob	工作室账号	永久
黄斑翅	mianmingding	工作室账号	永久
黄斑翅	fangxiagianna	工作室账号	永久
黄斑翅	yihuochunxing	工作室账号	永久
黄斑翅	youzhinyuu	工作室账号	永久
黄斑翅	shuichenaizi	工作室账号	永久
黄斑翅	tiaoyaoqu	工作室账号	永久
黄斑翅	liehiewei	工作室账号	永久
黄斑翅	langgongbianjia	工作室账号	永久
黄斑翅	guanguanxiuane	工作室账号	永久
黄斑翅	meiyuanxiaalai	工作室账号	永久
黄斑翅	qiaoyiguanjin	工作室账号	永久
黄斑翅	fuyanfengbanuis	工作室账号	永久
黄斑翅	yaonanyaibiao	工作室账号	永久
黄斑翅	quiiuhiyun	工作室账号	永久
黄斑翅	yinziwaaoyu	工作室账号	永久
黄斑翅	zhuanhuanfu	工作室账号	永久
黄斑翅	xianbianei	工作室账号	永久
黄斑翅	anmudanaeng	工作室账号	永久
黄斑翅	xianlanzhao	工作室账号	永久
黄斑翅	yaomiaobei	工作室账号	永久
黄斑翅	anchaobiong	工作室账号	永久
黄斑翅	amiyongkangqa	工作室账号	永久
黄斑翅	zhaqiqianbongo	工作室账号	永久
黄斑翅	huankuiianoon	工作室账号	永久
黄斑翅	jiaocunbiaopan	工作室账号	永久
黄斑翅	qiaoxingengaihe	工作室账号	永久
黄斑翅	biaobiaoiyan	工作室账号	永久
黄斑翅	gangibuiauyou	工作室账号	永久
黄斑翅	guochenbinglu	工作室账号	永久
黄斑翅	hangaoxiaoadin	工作室账号	永久
黄斑翅	no_hurt（无伤）	工作室账号	永久
黄斑翅	zhangshuaibiaod	工作室账号	永久
黄斑翅	huanshanjiizhu	工作室账号	永久
黄斑翅	jingbanfangzhu	工作室账号	永久
黄斑翅	mangiaozhuolai	工作室账号	永久
黄斑翅	qiyuanzuitianfa	工作室账号	永久
黄斑翅	dianquhuaizhu	工作室账号	永久
黄斑翅	pozhuzhanwin	工作室账号	永久
黄斑翅	hanhuangmouzi	工作室账号	永久
黄斑翅	xiaopianguzuo	工作室账号	永久
黄斑翅	jianluluanchan	工作室账号	永久
黄斑翅	jiaoxiuaunhouhui	工作室账号	永久
黄斑翅	jiaolingtogiong	工作室账号	永久
